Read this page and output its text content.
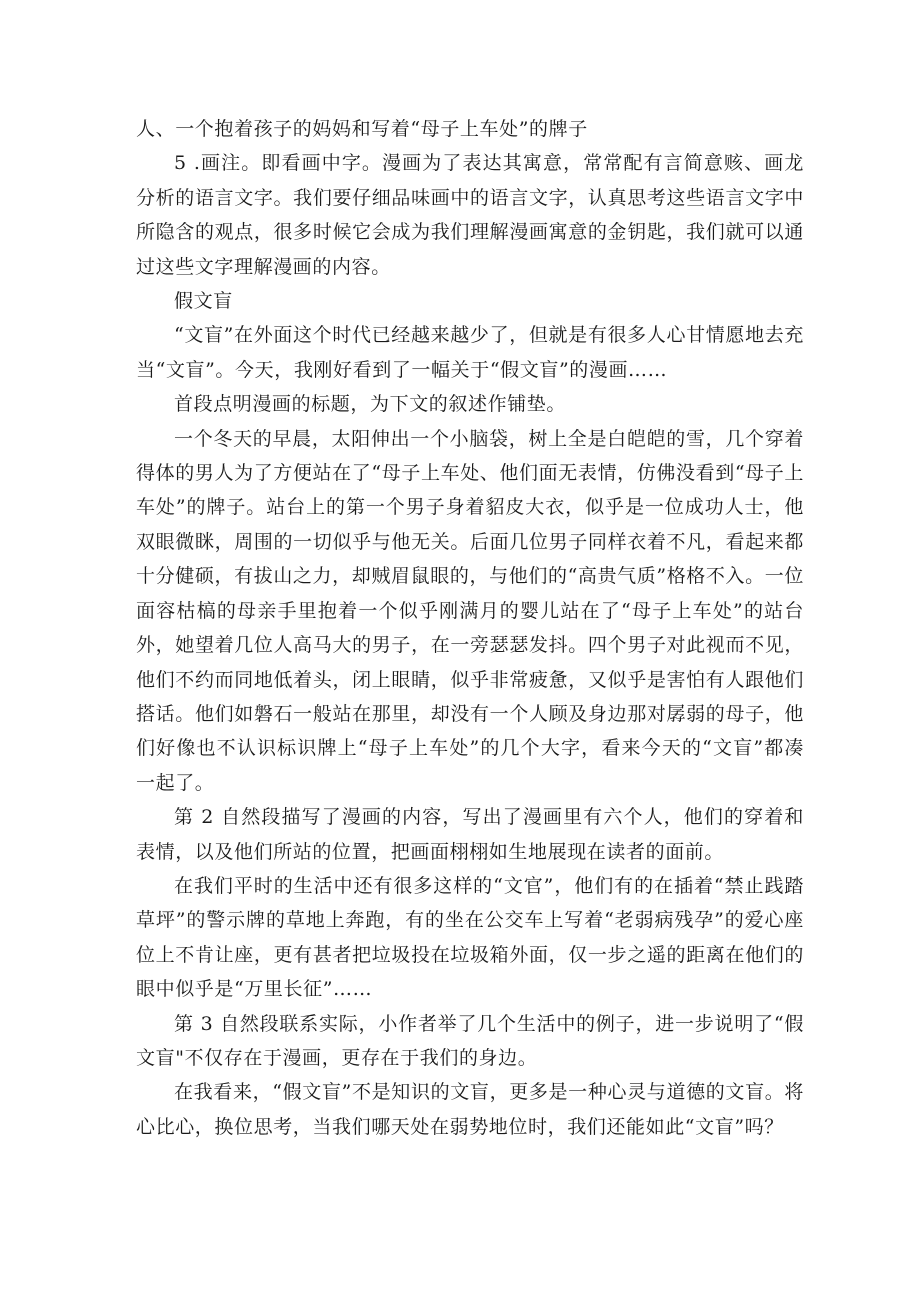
人、一个抱着孩子的妈妈和写着“母子上车处”的牌子

5 .画注。即看画中字。漫画为了表达其寓意，常常配有言简意赅、画龙分析的语言文字。我们要仔细品味画中的语言文字，认真思考这些语言文字中所隐含的观点，很多时候它会成为我们理解漫画寓意的金钥匙，我们就可以通过这些文字理解漫画的内容。

假文盲

“文盲”在外面这个时代已经越来越少了，但就是有很多人心甘情愿地去充当“文盲”。今天，我刚好看到了一幅关于“假文盲”的漫画……

首段点明漫画的标题，为下文的叙述作铺垫。

一个冬天的早晨，太阳伸出一个小脑袋，树上全是白皑皑的雪，几个穿着得体的男人为了方便站在了“母子上车处、他们面无表情，仿佛没看到“母子上车处”的牌子。站台上的第一个男子身着貂皮大衣，似乎是一位成功人士，他双眼微眯，周围的一切似乎与他无关。后面几位男子同样衣着不凡，看起来都十分健硕，有拔山之力，却贼眉鼠眼的，与他们的“高贵气质”格格不入。一位面容枯槁的母亲手里抱着一个似乎刚满月的婴儿站在了“母子上车处”的站台外，她望着几位人高马大的男子，在一旁瑟瑟发抖。四个男子对此视而不见，他们不约而同地低着头，闭上眼睛，似乎非常疲惫，又似乎是害怕有人跟他们搭话。他们如磐石一般站在那里，却没有一个人顾及身边那对孱弱的母子，他们好像也不认识标识牌上“母子上车处”的几个大字，看来今天的“文盲”都凑一起了。

第 2 自然段描写了漫画的内容，写出了漫画里有六个人，他们的穿着和表情，以及他们所站的位置，把画面栩栩如生地展现在读者的面前。

在我们平时的生活中还有很多这样的“文官”，他们有的在插着“禁止践踏草坪”的警示牌的草地上奔跑，有的坐在公交车上写着“老弱病残孕”的爱心座位上不肯让座，更有甚者把垃圾投在垃圾箱外面，仅一步之遥的距离在他们的眼中似乎是“万里长征”……

第 3 自然段联系实际，小作者举了几个生活中的例子，进一步说明了“假文盲"不仅存在于漫画，更存在于我们的身边。

在我看来，“假文盲”不是知识的文盲，更多是一种心灵与道德的文盲。将心比心，换位思考，当我们哪天处在弱势地位时，我们还能如此“文盲”吗？
